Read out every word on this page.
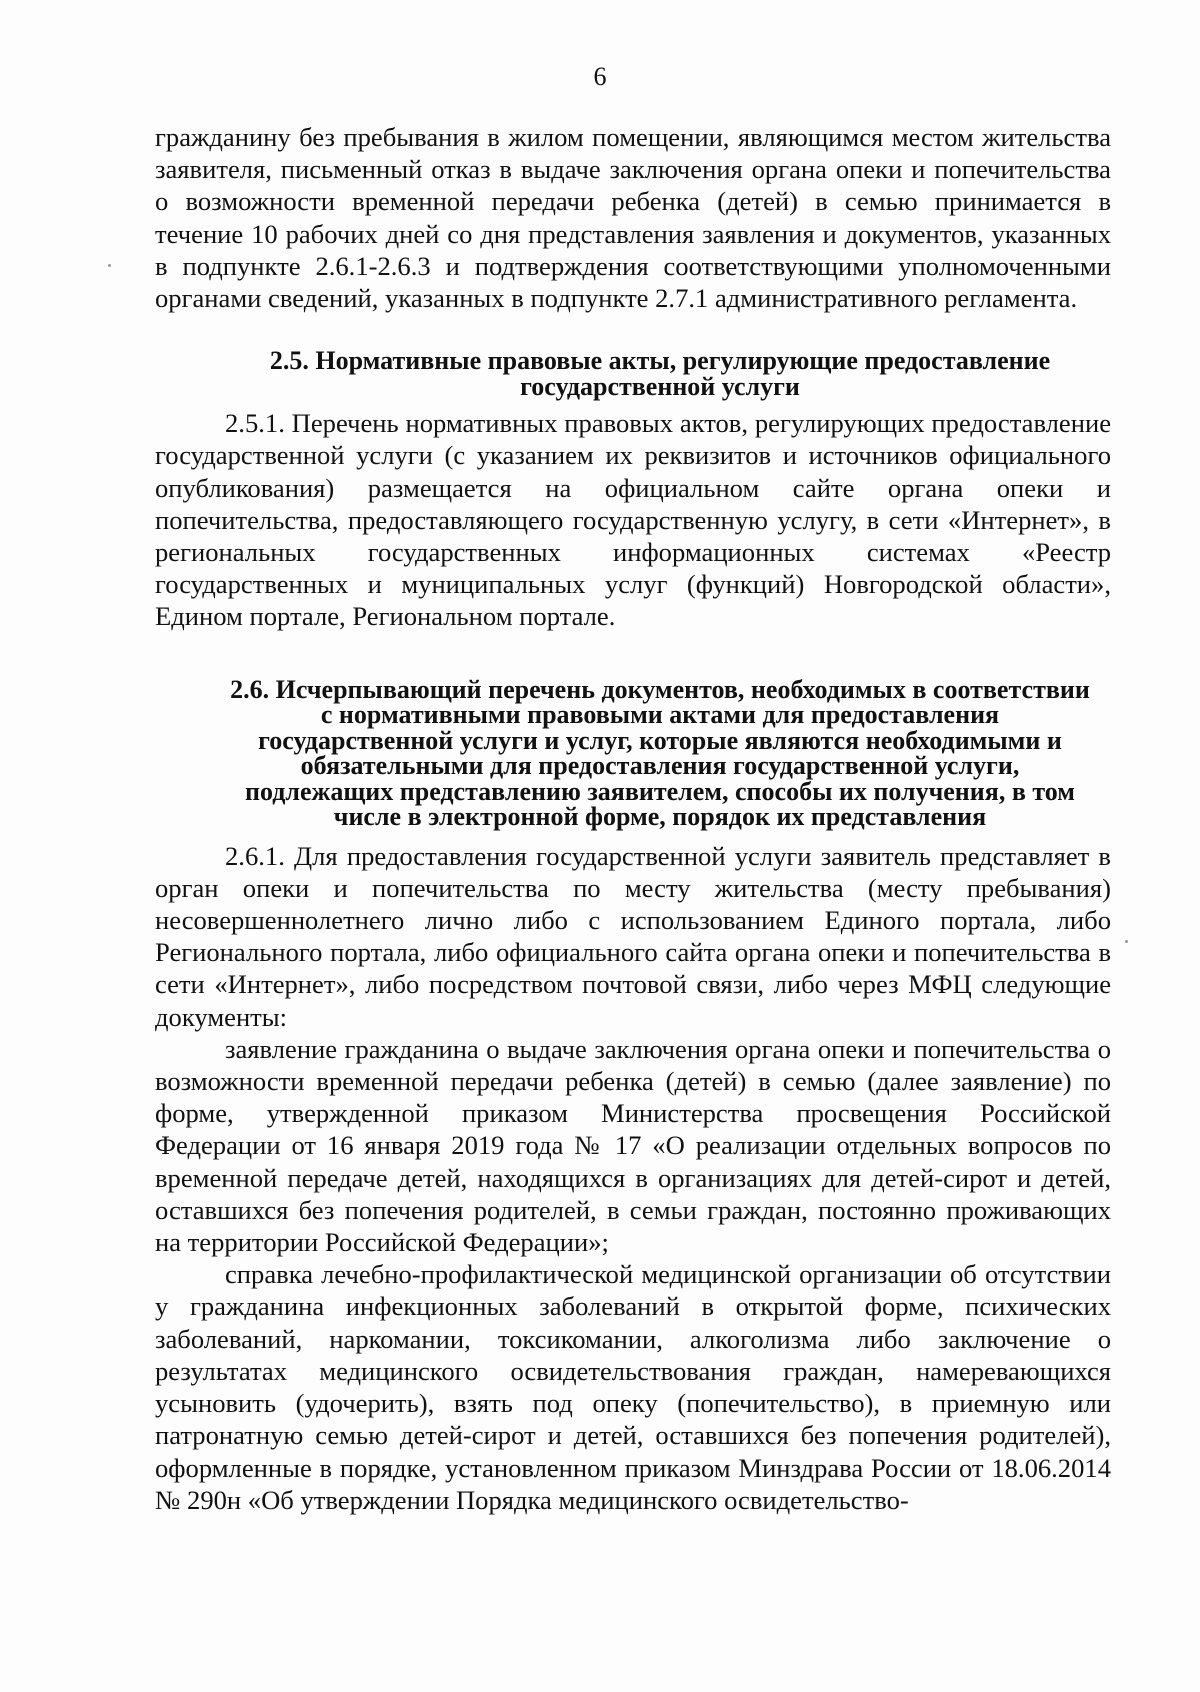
6

гражданину без пребывания в жилом помещении, являющимся местом жительства заявителя, письменный отказ в выдаче заключения органа опеки и попечительства о возможности временной передачи ребенка (детей) в семью принимается в течение 10 рабочих дней со дня представления заявления и документов, указанных в подпункте 2.6.1-2.6.3 и подтверждения соответствующими уполномоченными органами сведений, указанных в подпункте 2.7.1 административного регламента.

2.5. Нормативные правовые акты, регулирующие предоставление государственной услуги

2.5.1. Перечень нормативных правовых актов, регулирующих предоставление государственной услуги (с указанием их реквизитов и источников официального опубликования) размещается на официальном сайте органа опеки и попечительства, предоставляющего государственную услугу, в сети «Интернет», в региональных государственных информационных системах «Реестр государственных и муниципальных услуг (функций) Новгородской области», Едином портале, Региональном портале.

2.6. Исчерпывающий перечень документов, необходимых в соответствии с нормативными правовыми актами для предоставления государственной услуги и услуг, которые являются необходимыми и обязательными для предоставления государственной услуги, подлежащих представлению заявителем, способы их получения, в том числе в электронной форме, порядок их представления

2.6.1. Для предоставления государственной услуги заявитель представляет в орган опеки и попечительства по месту жительства (месту пребывания) несовершеннолетнего лично либо с использованием Единого портала, либо Регионального портала, либо официального сайта органа опеки и попечительства в сети «Интернет», либо посредством почтовой связи, либо через МФЦ следующие документы:

заявление гражданина о выдаче заключения органа опеки и попечительства о возможности временной передачи ребенка (детей) в семью (далее заявление) по форме, утвержденной приказом Министерства просвещения Российской Федерации от 16 января 2019 года № 17 «О реализации отдельных вопросов по временной передаче детей, находящихся в организациях для детей-сирот и детей, оставшихся без попечения родителей, в семьи граждан, постоянно проживающих на территории Российской Федерации»;

справка лечебно-профилактической медицинской организации об отсутствии у гражданина инфекционных заболеваний в открытой форме, психических заболеваний, наркомании, токсикомании, алкоголизма либо заключение о результатах медицинского освидетельствования граждан, намеревающихся усыновить (удочерить), взять под опеку (попечительство), в приемную или патронатную семью детей-сирот и детей, оставшихся без попечения родителей), оформленные в порядке, установленном приказом Минздрава России от 18.06.2014 № 290н «Об утверждении Порядка медицинского освидетельство-
